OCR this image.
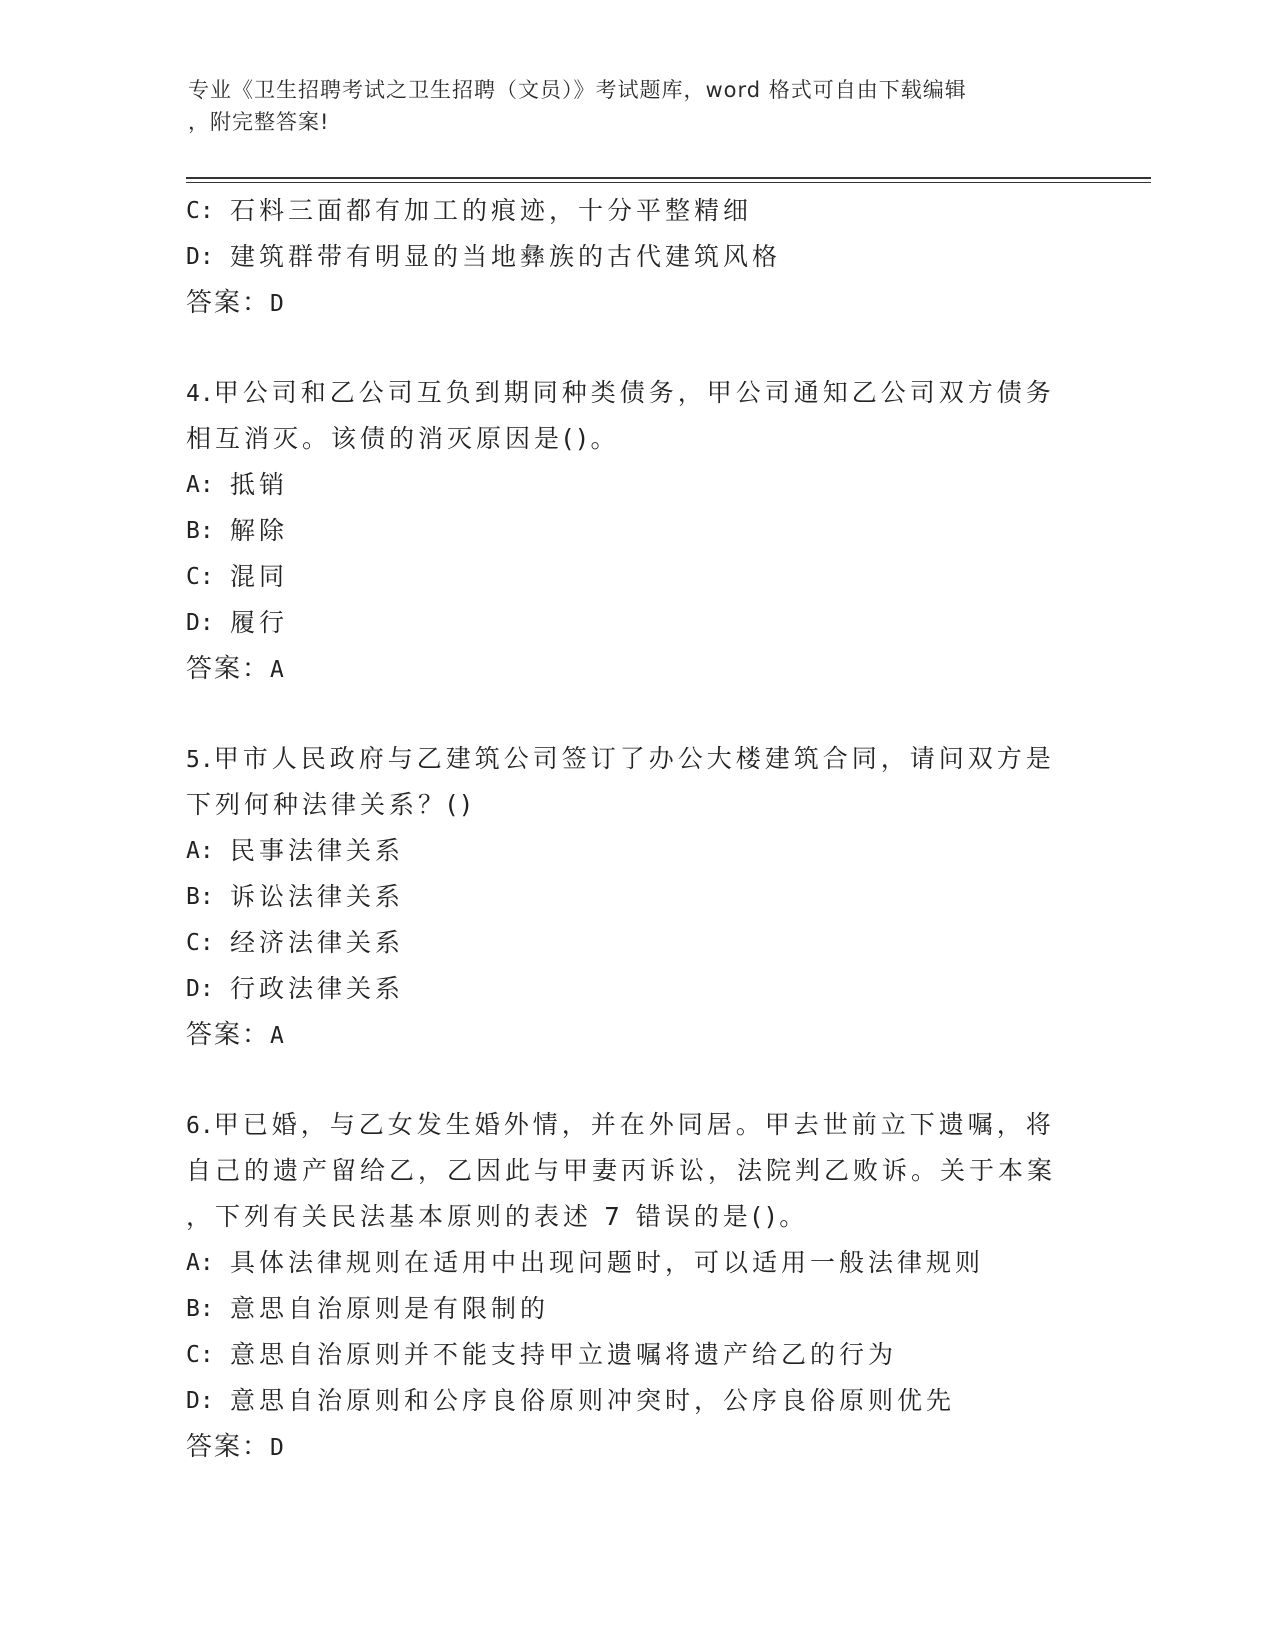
专业《卫生招聘考试之卫生招聘（文员）》考试题库，word 格式可自由下载编辑
，附完整答案!
C: 石料三面都有加工的痕迹，十分平整精细
D: 建筑群带有明显的当地彝族的古代建筑风格
答案：D
4.甲公司和乙公司互负到期同种类债务，甲公司通知乙公司双方债务
相互消灭。该债的消灭原因是()。
A: 抵销
B: 解除
C: 混同
D: 履行
答案：A
5.甲市人民政府与乙建筑公司签订了办公大楼建筑合同，请问双方是
下列何种法律关系？()
A: 民事法律关系
B: 诉讼法律关系
C: 经济法律关系
D: 行政法律关系
答案：A
6.甲已婚，与乙女发生婚外情，并在外同居。甲去世前立下遗嘱，将
自己的遗产留给乙，乙因此与甲妻丙诉讼，法院判乙败诉。关于本案
，下列有关民法基本原则的表述 7 错误的是()。
A: 具体法律规则在适用中出现问题时，可以适用一般法律规则
B: 意思自治原则是有限制的
C: 意思自治原则并不能支持甲立遗嘱将遗产给乙的行为
D: 意思自治原则和公序良俗原则冲突时，公序良俗原则优先
答案：D
